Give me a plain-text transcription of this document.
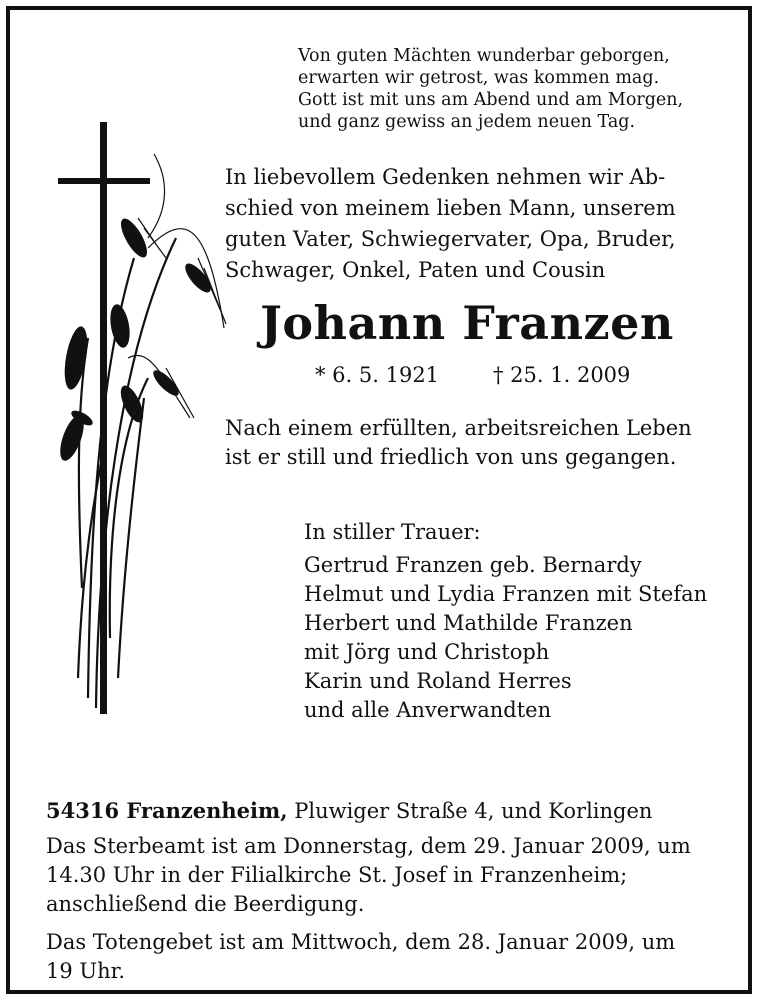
Von guten Mächten wunderbar geborgen,
erwarten wir getrost, was kommen mag.
Gott ist mit uns am Abend und am Morgen,
und ganz gewiss an jedem neuen Tag.
In liebevollem Gedenken nehmen wir Ab-
schied von meinem lieben Mann, unserem
guten Vater, Schwiegervater, Opa, Bruder,
Schwager, Onkel, Paten und Cousin
Johann Franzen
* 6. 5. 1921	† 25. 1. 2009
Nach einem erfüllten, arbeitsreichen Leben
ist er still und friedlich von uns gegangen.
In stiller Trauer:
Gertrud Franzen geb. Bernardy
Helmut und Lydia Franzen mit Stefan
Herbert und Mathilde Franzen
mit Jörg und Christoph
Karin und Roland Herres
und alle Anverwandten
54316 Franzenheim, Pluwiger Straße 4, und Korlingen
Das Sterbeamt ist am Donnerstag, dem 29. Januar 2009, um
14.30 Uhr in der Filialkirche St. Josef in Franzenheim;
anschließend die Beerdigung.
Das Totengebet ist am Mittwoch, dem 28. Januar 2009, um
19 Uhr.
